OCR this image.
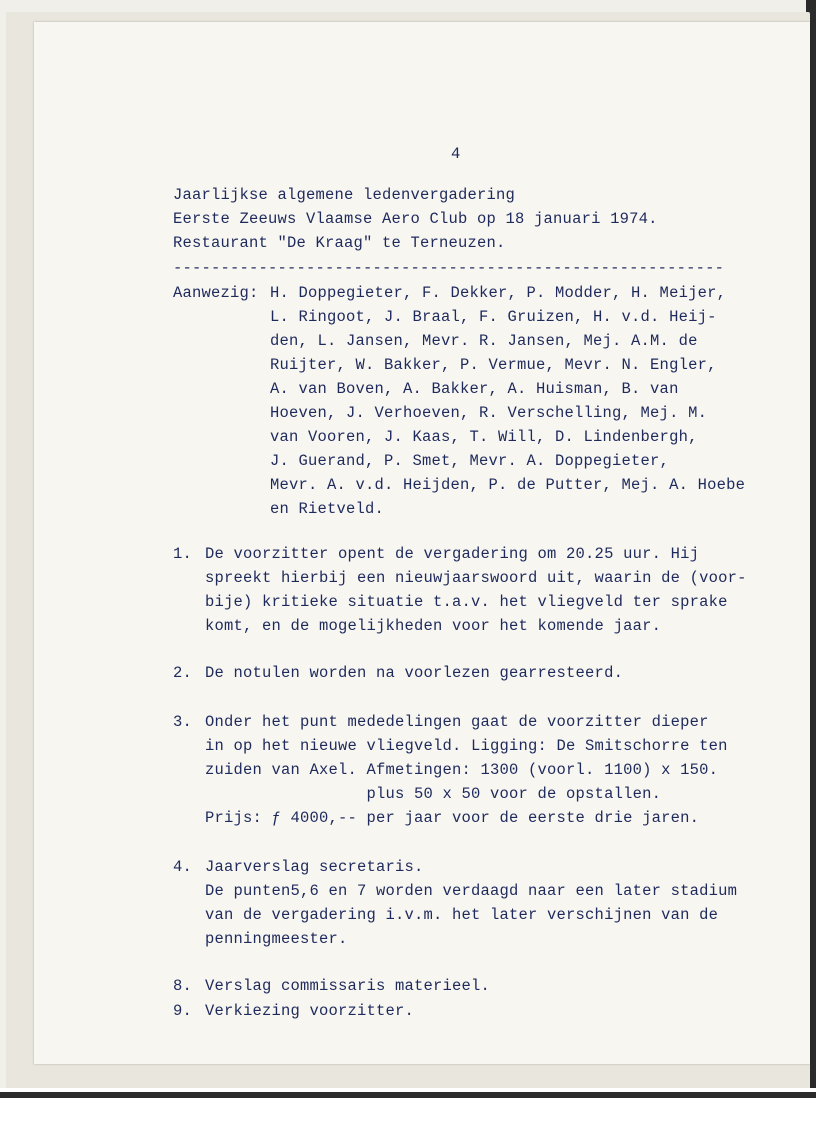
4
Jaarlijkse algemene ledenvergadering
Eerste Zeeuws Vlaamse Aero Club op 18 januari 1974.
Restaurant "De Kraag" te Terneuzen.
----------------------------------------------------------
Aanwezig: H. Doppegieter, F. Dekker, P. Modder, H. Meijer,
L. Ringoot, J. Braal, F. Gruizen, H. v.d. Heij-
den, L. Jansen, Mevr. R. Jansen, Mej. A.M. de
Ruijter, W. Bakker, P. Vermue, Mevr. N. Engler,
A. van Boven, A. Bakker, A. Huisman, B. van
Hoeven, J. Verhoeven, R. Verschelling, Mej. M.
van Vooren, J. Kaas, T. Will, D. Lindenbergh,
J. Guerand, P. Smet, Mevr. A. Doppegieter,
Mevr. A. v.d. Heijden, P. de Putter, Mej. A. Hoebe
en Rietveld.
1. De voorzitter opent de vergadering om 20.25 uur. Hij
spreekt hierbij een nieuwjaarswoord uit, waarin de (voor-
bije) kritieke situatie t.a.v. het vliegveld ter sprake
komt, en de mogelijkheden voor het komende jaar.
2. De notulen worden na voorlezen gearresteerd.
3. Onder het punt mededelingen gaat de voorzitter dieper
in op het nieuwe vliegveld. Ligging: De Smitschorre ten
zuiden van Axel. Afmetingen: 1300 (voorl. 1100) x 150.
plus 50 x 50 voor de opstallen.
Prijs: ƒ 4000,-- per jaar voor de eerste drie jaren.
4. Jaarverslag secretaris.
De punten5,6 en 7 worden verdaagd naar een later stadium
van de vergadering i.v.m. het later verschijnen van de
penningmeester.
8. Verslag commissaris materieel.
9. Verkiezing voorzitter.
